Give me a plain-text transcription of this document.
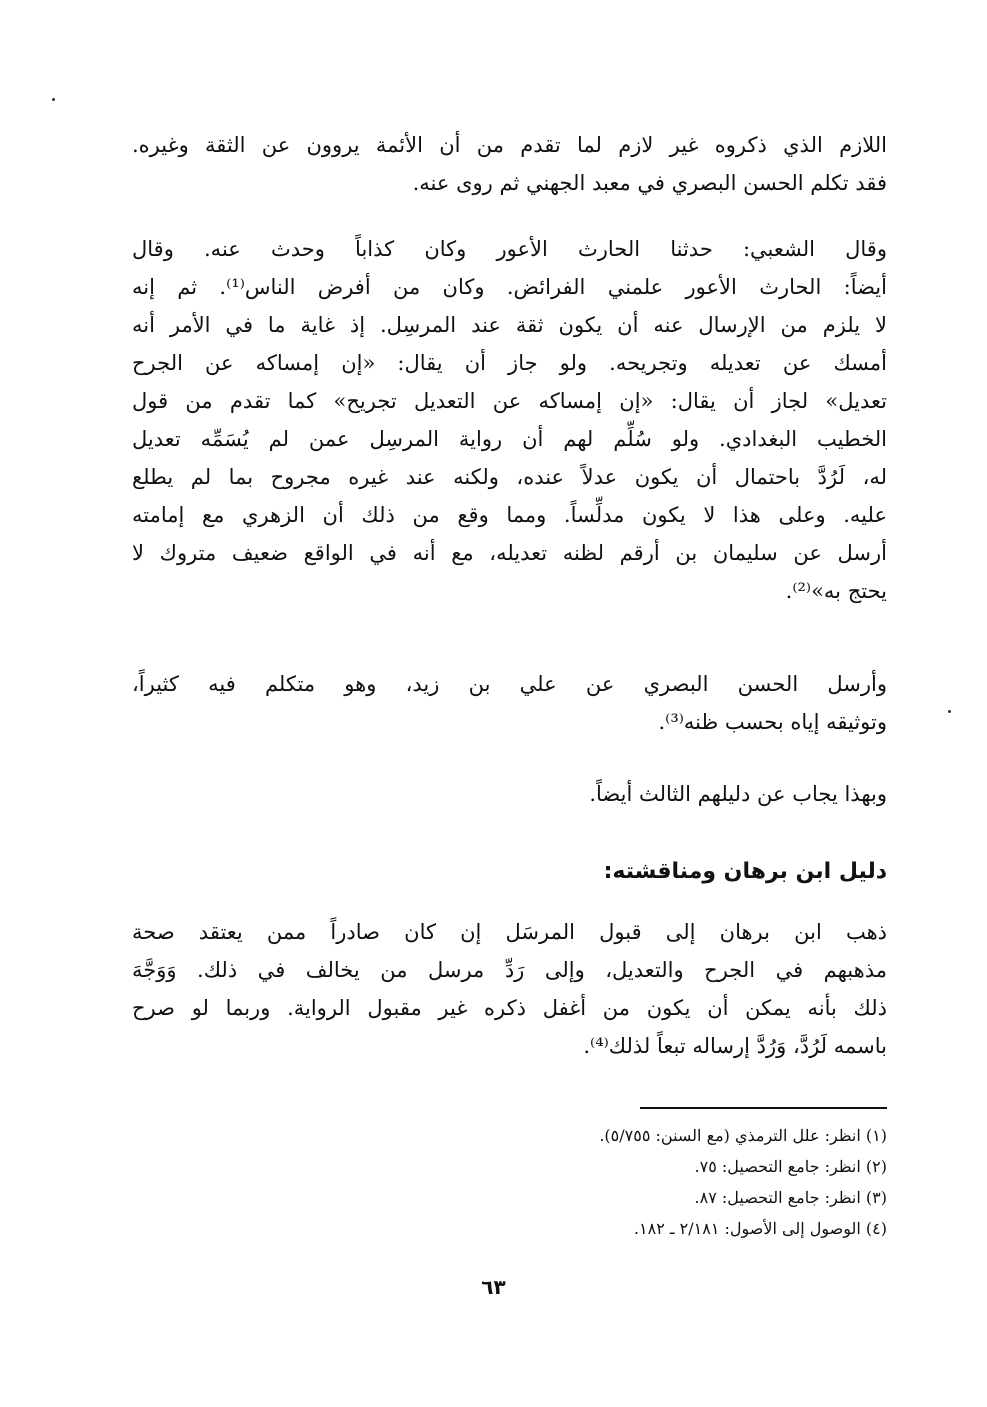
اللازم الذي ذكروه غير لازم لما تقدم من أن الأئمة يروون عن الثقة وغيره.
فقد تكلم الحسن البصري في معبد الجهني ثم روى عنه.
وقال الشعبي: حدثنا الحارث الأعور وكان كذاباً وحدث عنه. وقال
أيضاً: الحارث الأعور علمني الفرائض. وكان من أفرض الناس⁽¹⁾. ثم إنه
لا يلزم من الإرسال عنه أن يكون ثقة عند المرسِل. إذ غاية ما في الأمر أنه
أمسك عن تعديله وتجريحه. ولو جاز أن يقال: «إن إمساكه عن الجرح
تعديل» لجاز أن يقال: «إن إمساكه عن التعديل تجريح» كما تقدم من قول
الخطيب البغدادي. ولو سُلِّم لهم أن رواية المرسِل عمن لم يُسَمِّه تعديل
له، لَرُدَّ باحتمال أن يكون عدلاً عنده، ولكنه عند غيره مجروح بما لم يطلع
عليه. وعلى هذا لا يكون مدلِّساً. ومما وقع من ذلك أن الزهري مع إمامته
أرسل عن سليمان بن أرقم لظنه تعديله، مع أنه في الواقع ضعيف متروك لا
يحتج به»⁽²⁾.
وأرسل الحسن البصري عن علي بن زيد، وهو متكلم فيه كثيراً،
وتوثيقه إياه بحسب ظنه⁽³⁾.
وبهذا يجاب عن دليلهم الثالث أيضاً.
دليل ابن برهان ومناقشته:
ذهب ابن برهان إلى قبول المرسَل إن كان صادراً ممن يعتقد صحة
مذهبهم في الجرح والتعديل، وإلى رَدِّ مرسل من يخالف في ذلك. وَوَجَّهَ
ذلك بأنه يمكن أن يكون من أغفل ذكره غير مقبول الرواية. وربما لو صرح
باسمه لَرُدَّ، وَرُدَّ إرساله تبعاً لذلك⁽⁴⁾.
(١) انظر: علل الترمذي (مع السنن: ٥/٧٥٥).
(٢) انظر: جامع التحصيل: ٧٥.
(٣) انظر: جامع التحصيل: ٨٧.
(٤) الوصول إلى الأصول: ٢/١٨١ ـ ١٨٢.
٦٣
